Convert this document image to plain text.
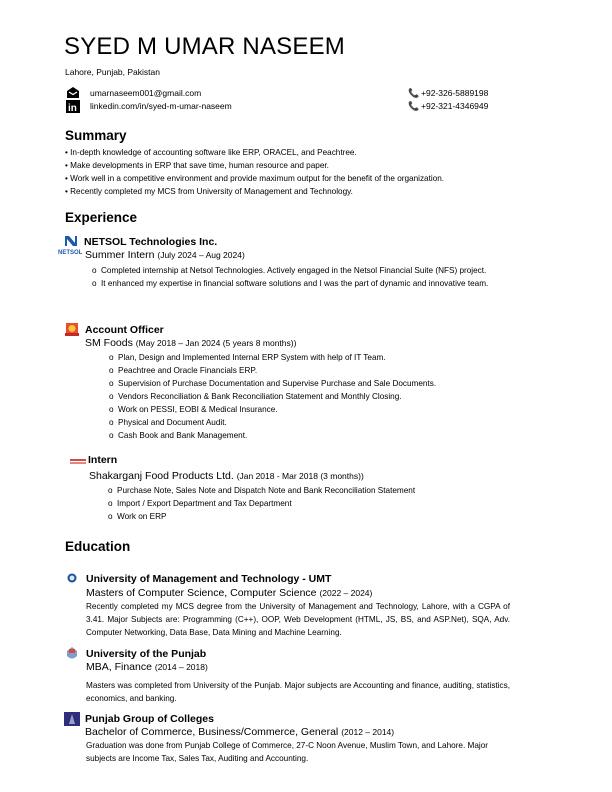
SYED M UMAR NASEEM
Lahore, Punjab, Pakistan
umarnaseem001@gmail.com
in linkedin.com/in/syed-m-umar-naseem
📞 +92-326-5889198
📞 +92-321-4346949
Summary
• In-depth knowledge of accounting software like ERP, ORACEL, and Peachtree.
• Make developments in ERP that save time, human resource and paper.
• Work well in a competitive environment and provide maximum output for the benefit of the organization.
• Recently completed my MCS from University of Management and Technology.
Experience
NETSOL
NETSOL Technologies Inc.
Summer Intern (July 2024 – Aug 2024)
o Completed internship at Netsol Technologies. Actively engaged in the Netsol Financial Suite (NFS) project.
o It enhanced my expertise in financial software solutions and I was the part of dynamic and innovative team.
Account Officer
SM Foods (May 2018 – Jan 2024 (5 years 8 months))
o Plan, Design and Implemented Internal ERP System with help of IT Team.
o Peachtree and Oracle Financials ERP.
o Supervision of Purchase Documentation and Supervise Purchase and Sale Documents.
o Vendors Reconciliation & Bank Reconciliation Statement and Monthly Closing.
o Work on PESSI, EOBI & Medical Insurance.
o Physical and Document Audit.
o Cash Book and Bank Management.
Intern
Shakarganj Food Products Ltd. (Jan 2018 - Mar 2018 (3 months))
o Purchase Note, Sales Note and Dispatch Note and Bank Reconciliation Statement
o Import / Export Department and Tax Department
o Work on ERP
Education
University of Management and Technology - UMT
Masters of Computer Science, Computer Science (2022 – 2024)
Recently completed my MCS degree from the University of Management and Technology, Lahore, with a CGPA of 3.41. Major Subjects are: Programming (C++), OOP, Web Development (HTML, JS, BS, and ASP.Net), SQA, Adv. Computer Networking, Data Base, Data Mining and Machine Learning.
University of the Punjab
MBA, Finance (2014 – 2018)
Masters was completed from University of the Punjab. Major subjects are Accounting and finance, auditing, statistics, economics, and banking.
Punjab Group of Colleges
Bachelor of Commerce, Business/Commerce, General (2012 – 2014)
Graduation was done from Punjab College of Commerce, 27-C Noon Avenue, Muslim Town, and Lahore. Major subjects are Income Tax, Sales Tax, Auditing and Accounting.
